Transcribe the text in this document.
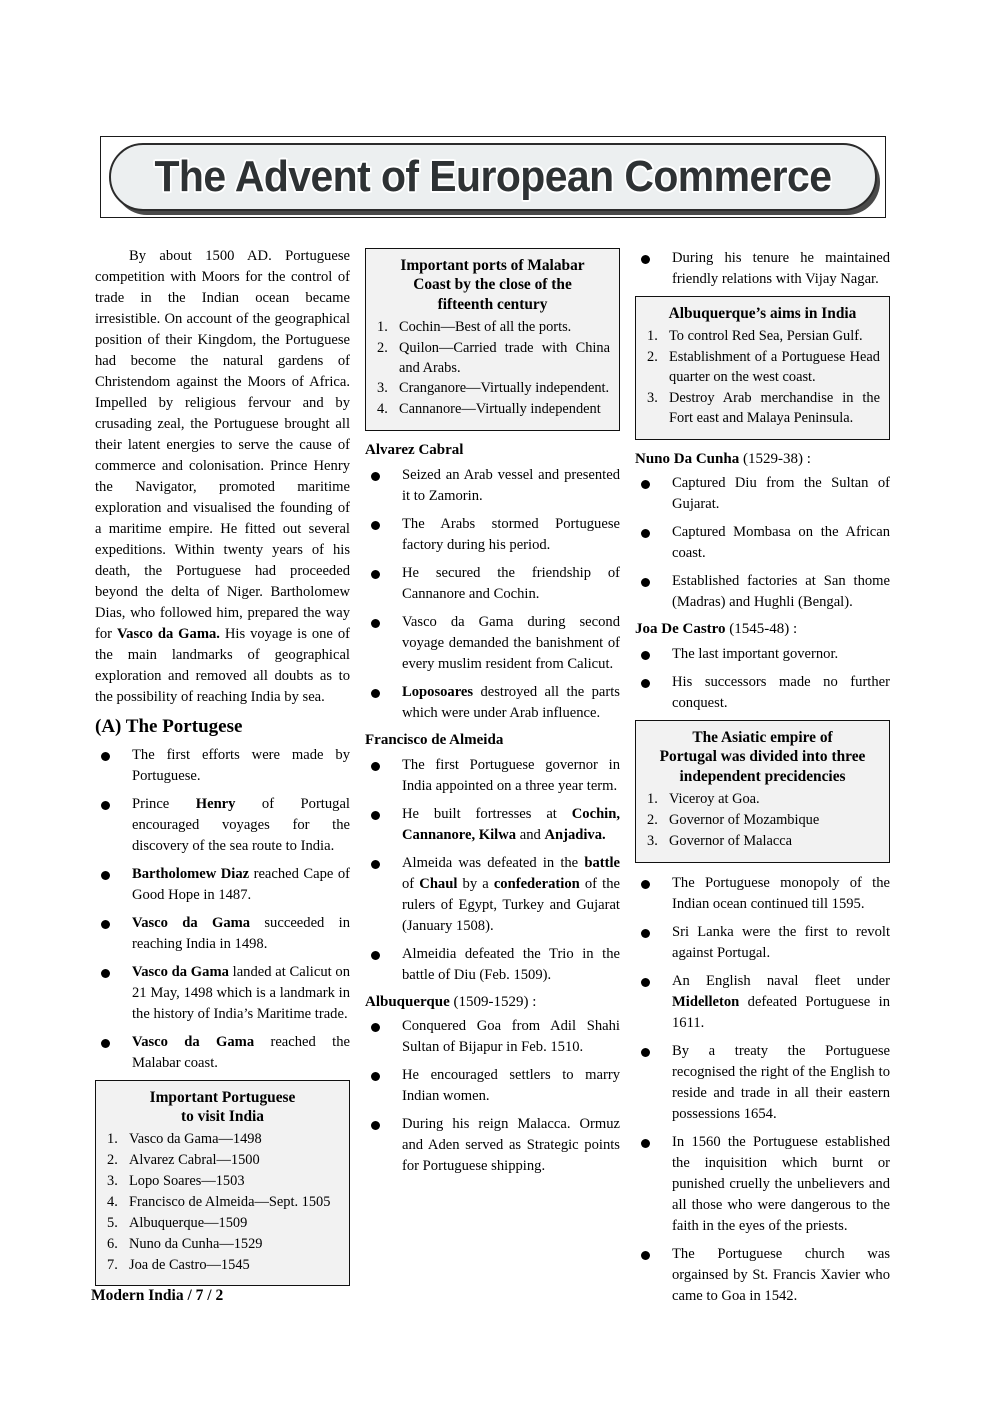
The Advent of European Commerce

By about 1500 AD. Portuguese competition with Moors for the control of trade in the Indian ocean became irresistible. On account of the geographical position of their Kingdom, the Portuguese had become the natural gardens of Christendom against the Moors of Africa. Impelled by religious fervour and by crusading zeal, the Portuguese brought all their latent energies to serve the cause of commerce and colonisation. Prince Henry the Navigator, promoted maritime exploration and visualised the founding of a maritime empire. He fitted out several expeditions. Within twenty years of his death, the Portuguese had proceeded beyond the delta of Niger. Bartholomew Dias, who followed him, prepared the way for Vasco da Gama. His voyage is one of the main landmarks of geographical exploration and removed all doubts as to the possibility of reaching India by sea.

(A) The Portugese
The first efforts were made by Portuguese.
Prince Henry of Portugal encouraged voyages for the discovery of the sea route to India.
Bartholomew Diaz reached Cape of Good Hope in 1487.
Vasco da Gama succeeded in reaching India in 1498.
Vasco da Gama landed at Calicut on 21 May, 1498 which is a landmark in the history of India’s Maritime trade.
Vasco da Gama reached the Malabar coast.
Important Portuguese
to visit India
1. Vasco da Gama—1498
2. Alvarez Cabral—1500
3. Lopo Soares—1503
4. Francisco de Almeida—Sept. 1505
5. Albuquerque—1509
6. Nuno da Cunha—1529
7. Joa de Castro—1545
Important ports of Malabar
Coast by the close of the
fifteenth century
1. Cochin—Best of all the ports.
2. Quilon—Carried trade with China and Arabs.
3. Cranganore—Virtually independent.
4. Cannanore—Virtually independent
Alvarez Cabral
Seized an Arab vessel and presented it to Zamorin.
The Arabs stormed Portuguese factory during his period.
He secured the friendship of Cannanore and Cochin.
Vasco da Gama during second voyage demanded the banishment of every muslim resident from Calicut.
Loposoares destroyed all the parts which were under Arab influence.
Francisco de Almeida
The first Portuguese governor in India appointed on a three year term.
He built fortresses at Cochin, Cannanore, Kilwa and Anjadiva.
Almeida was defeated in the battle of Chaul by a confederation of the rulers of Egypt, Turkey and Gujarat (January 1508).
Almeidia defeated the Trio in the battle of Diu (Feb. 1509).
Albuquerque (1509-1529) :
Conquered Goa from Adil Shahi Sultan of Bijapur in Feb. 1510.
He encouraged settlers to marry Indian women.
During his reign Malacca. Ormuz and Aden served as Strategic points for Portuguese shipping.
During his tenure he maintained friendly relations with Vijay Nagar.
Albuquerque’s aims in India
1. To control Red Sea, Persian Gulf.
2. Establishment of a Portuguese Head quarter on the west coast.
3. Destroy Arab merchandise in the Fort east and Malaya Peninsula.
Nuno Da Cunha (1529-38) :
Captured Diu from the Sultan of Gujarat.
Captured Mombasa on the African coast.
Established factories at San thome (Madras) and Hughli (Bengal).
Joa De Castro (1545-48) :
The last important governor.
His successors made no further conquest.
The Asiatic empire of
Portugal was divided into three
independent precidencies
1. Viceroy at Goa.
2. Governor of Mozambique
3. Governor of Malacca
The Portuguese monopoly of the Indian ocean continued till 1595.
Sri Lanka were the first to revolt against Portugal.
An English naval fleet under Midelleton defeated Portuguese in 1611.
By a treaty the Portuguese recognised the right of the English to reside and trade in all their eastern possessions 1654.
In 1560 the Portuguese established the inquisition which burnt or punished cruelly the unbelievers and all those who were dangerous to the faith in the eyes of the priests.
The Portuguese church was orgainsed by St. Francis Xavier who came to Goa in 1542.
Modern India / 7 / 2
